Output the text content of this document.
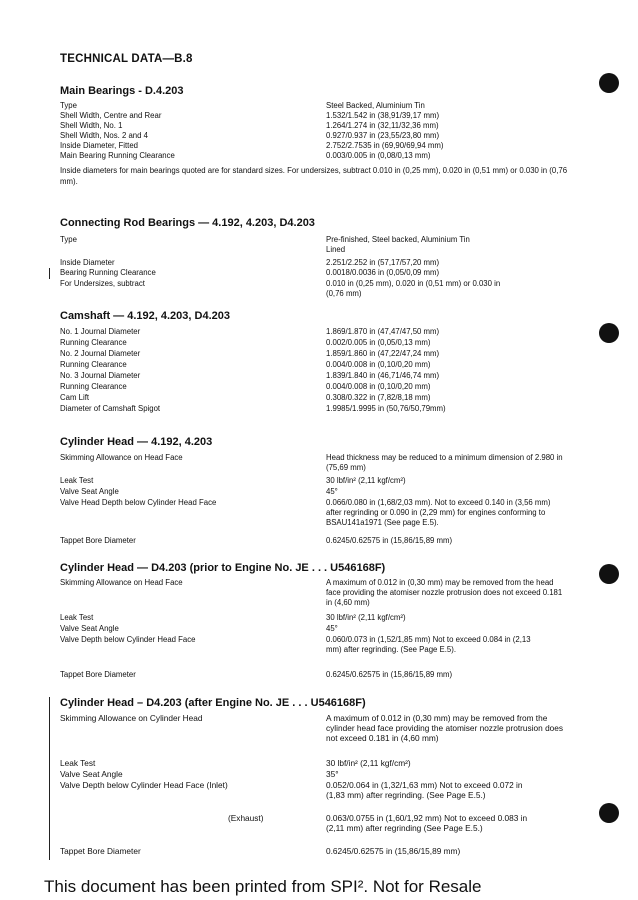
TECHNICAL DATA—B.8
Main Bearings - D.4.203
Type	Steel Backed, Aluminium Tin
Shell Width, Centre and Rear	1.532/1.542 in (38,91/39,17 mm)
Shell Width, No. 1	1.264/1.274 in (32,11/32,36 mm)
Shell Width, Nos. 2 and 4	0.927/0.937 in (23,55/23,80 mm)
Inside Diameter, Fitted	2.752/2.7535 in (69,90/69,94 mm)
Main Bearing Running Clearance	0.003/0.005 in (0,08/0,13 mm)
Inside diameters for main bearings quoted are for standard sizes. For undersizes, subtract 0.010 in (0,25 mm), 0.020 in (0,51 mm) or 0.030 in (0,76 mm).
Connecting Rod Bearings — 4.192, 4.203, D4.203
Type	Pre-finished, Steel backed, Aluminium Tin Lined
Inside Diameter	2.251/2.252 in (57,17/57,20 mm)
Bearing Running Clearance	0.0018/0.0036 in (0,05/0,09 mm)
For Undersizes, subtract	0.010 in (0,25 mm), 0.020 in (0,51 mm) or 0.030 in (0,76 mm)
Camshaft — 4.192, 4.203, D4.203
No. 1 Journal Diameter	1.869/1.870 in (47,47/47,50 mm)
Running Clearance	0.002/0.005 in (0,05/0,13 mm)
No. 2 Journal Diameter	1.859/1.860 in (47,22/47,24 mm)
Running Clearance	0.004/0.008 in (0,10/0,20 mm)
No. 3 Journal Diameter	1.839/1.840 in (46,71/46,74 mm)
Running Clearance	0.004/0.008 in (0,10/0,20 mm)
Cam Lift	0.308/0.322 in (7,82/8,18 mm)
Diameter of Camshaft Spigot	1.9985/1.9995 in (50,76/50,79mm)
Cylinder Head — 4.192, 4.203
Skimming Allowance on Head Face	Head thickness may be reduced to a minimum dimension of 2.980 in (75,69 mm)
Leak Test	30 lbf/in² (2,11 kgf/cm²)
Valve Seat Angle	45°
Valve Head Depth below Cylinder Head Face	0.066/0.080 in (1,68/2,03 mm). Not to exceed 0.140 in (3,56 mm) after regrinding or 0.090 in (2,29 mm) for engines conforming to BSAU141a1971 (See page E.5).
Tappet Bore Diameter	0.6245/0.62575 in (15,86/15,89 mm)
Cylinder Head — D4.203 (prior to Engine No. JE . . . U546168F)
Skimming Allowance on Head Face	A maximum of 0.012 in (0,30 mm) may be removed from the head face providing the atomiser nozzle protrusion does not exceed 0.181 in (4,60 mm)
Leak Test	30 lbf/in² (2,11 kgf/cm²)
Valve Seat Angle	45°
Valve Depth below Cylinder Head Face	0.060/0.073 in (1,52/1,85 mm) Not to exceed 0.084 in (2,13 mm) after regrinding. (See Page E.5).
Tappet Bore Diameter	0.6245/0.62575 in (15,86/15,89 mm)
Cylinder Head – D4.203 (after Engine No. JE . . . U546168F)
Skimming Allowance on Cylinder Head	A maximum of 0.012 in (0,30 mm) may be removed from the cylinder head face providing the atomiser nozzle protrusion does not exceed 0.181 in (4,60 mm)
Leak Test	30 lbf/in² (2,11 kgf/cm²)
Valve Seat Angle	35°
Valve Depth below Cylinder Head Face (Inlet)	0.052/0.064 in (1,32/1,63 mm) Not to exceed 0.072 in (1,83 mm) after regrinding. (See Page E.5.)
(Exhaust)	0.063/0.0755 in (1,60/1,92 mm) Not to exceed 0.083 in (2,11 mm) after regrinding (See Page E.5.)
Tappet Bore Diameter	0.6245/0.62575 in (15,86/15,89 mm)
This document has been printed from SPI². Not for Resale
